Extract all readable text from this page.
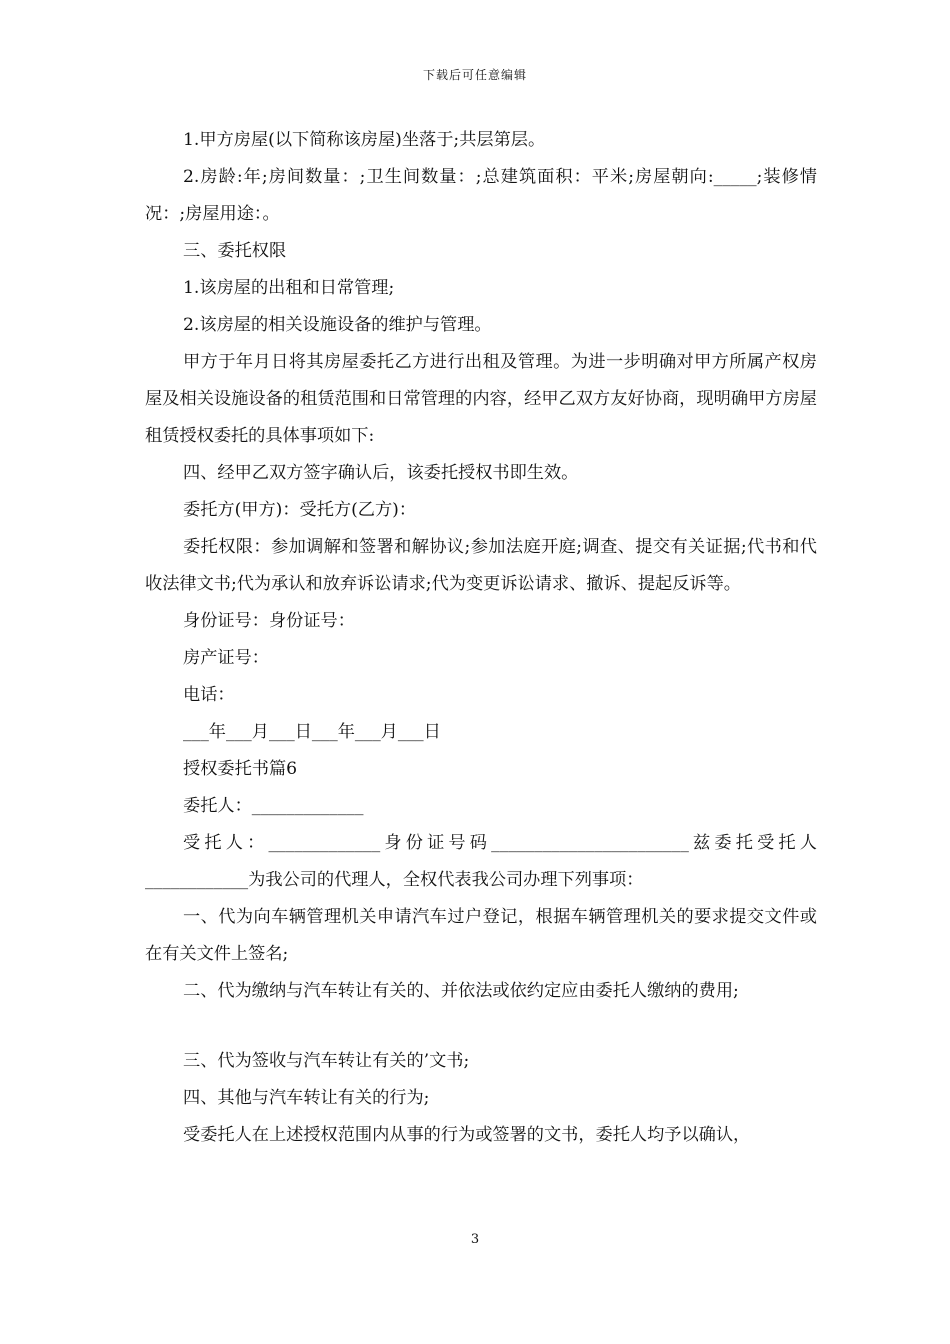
下载后可任意编辑

1.甲方房屋(以下简称该房屋)坐落于;共层第层。

2.房龄:年;房间数量：;卫生间数量：;总建筑面积：平米;房屋朝向:_____;装修情况：;房屋用途：。

三、委托权限

1.该房屋的出租和日常管理;

2.该房屋的相关设施设备的维护与管理。

甲方于年月日将其房屋委托乙方进行出租及管理。为进一步明确对甲方所属产权房屋及相关设施设备的租赁范围和日常管理的内容，经甲乙双方友好协商，现明确甲方房屋租赁授权委托的具体事项如下:

四、经甲乙双方签字确认后，该委托授权书即生效。

委托方(甲方)：受托方(乙方)：

委托权限：参加调解和签署和解协议;参加法庭开庭;调查、提交有关证据;代书和代收法律文书;代为承认和放弃诉讼请求;代为变更诉讼请求、撤诉、提起反诉等。

身份证号：身份证号：

房产证号：

电话：

___年___月___日___年___月___日

授权委托书篇6

委托人：_____________

受托人：_____________身份证号码_______________________兹委托受托人____________为我公司的代理人，全权代表我公司办理下列事项：

一、代为向车辆管理机关申请汽车过户登记，根据车辆管理机关的要求提交文件或在有关文件上签名;

二、代为缴纳与汽车转让有关的、并依法或依约定应由委托人缴纳的费用;

三、代为签收与汽车转让有关的’文书;

四、其他与汽车转让有关的行为;

受委托人在上述授权范围内从事的行为或签署的文书，委托人均予以确认，

3
